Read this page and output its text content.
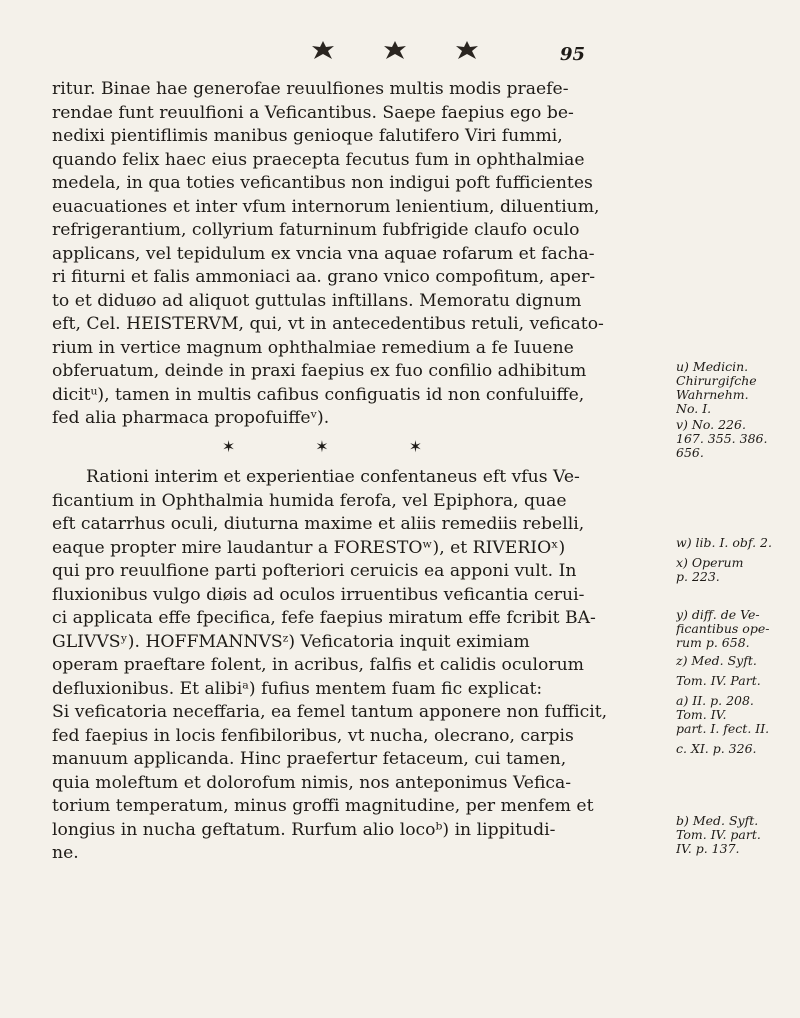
95

ritur. Binae hae generofae reuulfiones multis modis praefe-

rendae funt reuulfioni a Veficantibus. Saepe faepius ego be-

nedixi pientiflimis manibus genioque falutifero Viri fummi,

quando felix haec eius praecepta fecutus fum in ophthalmiae

medela, in qua toties veficantibus non indigui poft fufficientes

euacuationes et inter vfum internorum lenientium, diluentium,

refrigerantium, collyrium faturninum fubfrigide claufo oculo

applicans, vel tepidulum ex vncia vna aquae rofarum et facha-

ri fiturni et falis ammoniaci aa. grano vnico compofitum, aper-

to et diduøo ad aliquot guttulas inftillans. Memoratu dignum

eft, Cel. HEISTERVM, qui, vt in antecedentibus retuli, veficato-

rium in vertice magnum ophthalmiae remedium a fe Iuuene

obferuatum, deinde in praxi faepius ex fuo confilio adhibitum

dicitᵘ), tamen in multis cafibus configuatis id non confuluiffe,

fed alia pharmaca propofuiffeᵛ).

✶	✶	✶

Rationi interim et experientiae confentaneus eft vfus Ve-

ficantium in Ophthalmia humida ferofa, vel Epiphora, quae

eft catarrhus oculi, diuturna maxime et aliis remediis rebelli,

eaque propter mire laudantur a FORESTOʷ), et RIVERIOˣ)

qui pro reuulfione parti pofteriori ceruicis ea apponi vult. In

fluxionibus vulgo diøis ad oculos irruentibus veficantia cerui-

ci applicata effe fpecifica, fefe faepius miratum effe fcribit BA-

GLIVVSʸ). HOFFMANNVSᶻ) Veficatoria inquit eximiam

operam praeftare folent, in acribus, falfis et calidis oculorum

defluxionibus. Et alibiᵃ) fufius mentem fuam fic explicat:

Si veficatoria neceffaria, ea femel tantum apponere non fufficit,

fed faepius in locis fenfibiloribus, vt nucha, olecrano, carpis

manuum applicanda. Hinc praefertur fetaceum, cui tamen,

quia moleftum et dolorofum nimis, nos anteponimus Vefica-

torium temperatum, minus groffi magnitudine, per menfem et

longius in nucha geftatum. Rurfum alio locoᵇ) in lippitudi-

ne.

u) Medicin.
Chirurgifche
Wahrnehm.
No. I.
v) No. 226.
167. 355. 386.
656.
w) lib. I. obf. 2.
x) Operum
p. 223.
y) diff. de Ve-
ficantibus ope-
rum p. 658.
z) Med. Syft.
Tom. IV. Part.
a) II. p. 208.
Tom. IV.
part. I. fect. II.
c. XI. p. 326.
b) Med. Syft.
Tom. IV. part.
IV. p. 137.
